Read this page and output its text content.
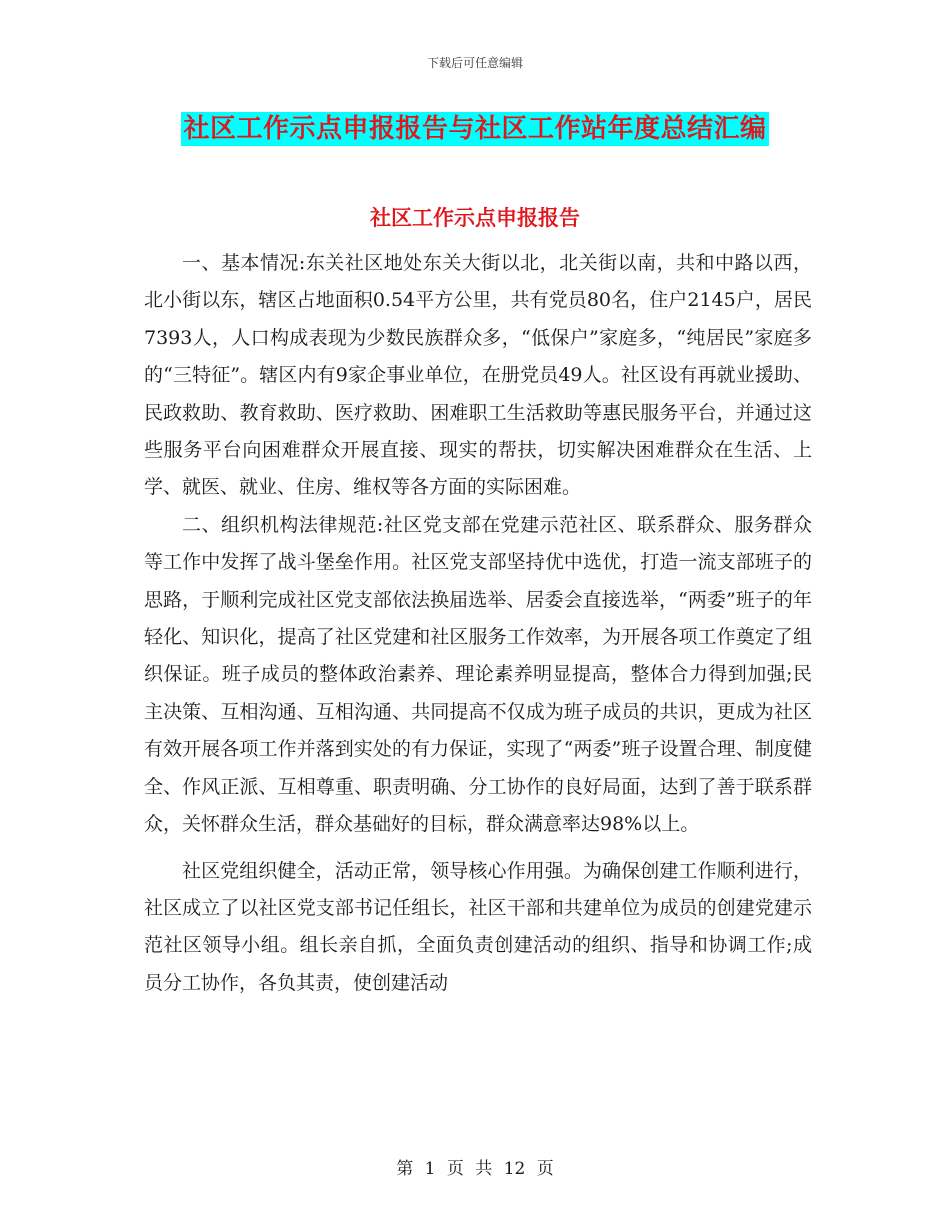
下载后可任意编辑
社区工作示点申报报告与社区工作站年度总结汇编
社区工作示点申报报告

一、基本情况:东关社区地处东关大街以北，北关街以南，共和中路以西，北小街以东，辖区占地面积0.54平方公里，共有党员80名，住户2145户，居民7393人，人口构成表现为少数民族群众多，“低保户”家庭多，“纯居民”家庭多的“三特征”。辖区内有9家企事业单位，在册党员49人。社区设有再就业援助、民政救助、教育救助、医疗救助、困难职工生活救助等惠民服务平台，并通过这些服务平台向困难群众开展直接、现实的帮扶，切实解决困难群众在生活、上学、就医、就业、住房、维权等各方面的实际困难。

二、组织机构法律规范:社区党支部在党建示范社区、联系群众、服务群众等工作中发挥了战斗堡垒作用。社区党支部坚持优中选优，打造一流支部班子的思路，于顺利完成社区党支部依法换届选举、居委会直接选举，“两委”班子的年轻化、知识化，提高了社区党建和社区服务工作效率，为开展各项工作奠定了组织保证。班子成员的整体政治素养、理论素养明显提高，整体合力得到加强;民主决策、互相沟通、互相沟通、共同提高不仅成为班子成员的共识，更成为社区有效开展各项工作并落到实处的有力保证，实现了“两委”班子设置合理、制度健全、作风正派、互相尊重、职责明确、分工协作的良好局面，达到了善于联系群众，关怀群众生活，群众基础好的目标，群众满意率达98%以上。

社区党组织健全，活动正常，领导核心作用强。为确保创建工作顺利进行，社区成立了以社区党支部书记任组长，社区干部和共建单位为成员的创建党建示范社区领导小组。组长亲自抓，全面负责创建活动的组织、指导和协调工作;成员分工协作，各负其责，使创建活动

第 1 页 共 12 页
